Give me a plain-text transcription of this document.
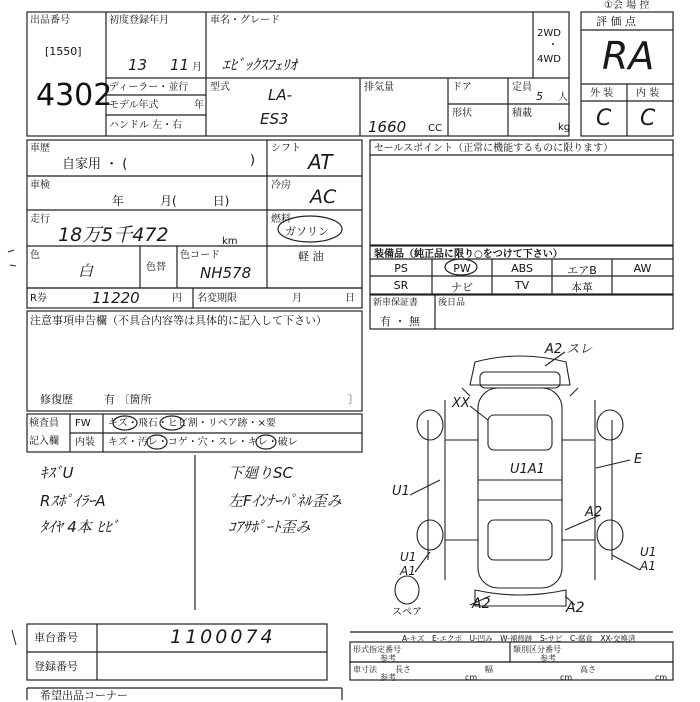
出品番号
[1550]
4302
初度登録年月
13 11 月
車名・グレード
ｴﾋﾞｯｸｽﾌｪﾘｵ
2WD
・
4WD
①会 場 控
評 価 点
RA
外 装 内 装
C C
ディーラー・並行
モデル年式	年
ハンドル 左・右
型式	LA-
ES3
排気量
1660 CC
ドア
形状
定員
5 人
積載
kg
車歴
自家用 ・ (	)
車検
年　　　月(　　　日)
走行
18万5千472	km
色
白	色替
色コード
NH578
シフト
AT
冷房
AC
燃料
ガソリン
軽 油
R券	11220	円 名変期限	月	日
セールスポイント（正常に機能するものに限ります）
装備品（純正品に限り○をつけて下さい）
PS	PW	ABS	エアB	AW
SR	ナビ	TV	本革
新車保証書
有 ・ 無
後日品
注意事項申告欄（不具合内容等は具体的に記入して下さい）
修復歴	有 〔箇所	〕
検査員
記入欄
FW キズ・飛石・ヒビ割・リペア跡・×要
内装 キズ・汚レ・コゲ・穴・スレ・キレ・破レ
ｷｽﾞU
RｽﾎﾟｲﾗｰA
ﾀｲﾔ 4本 ﾋﾋﾞ
下廻りSC
左Fｲﾝﾅｰﾊﾟﾈﾙ歪み
ｺｱｻﾎﾟｰﾄ歪み
A2 スレ
XX
E
U1A1
U1
A2
U1 A1
スペア
A2	A2
U1 A1
A-キズ　E-エクボ　U-凹み　W-補修跡　S-サビ　C-腐食　XX-交換済
形式指定番号
参考
類別区分番号
参考
車寸法
参考
長さ
cm
幅
cm
高さ
cm
車台番号	1100074
登録番号
希望出品コーナー
